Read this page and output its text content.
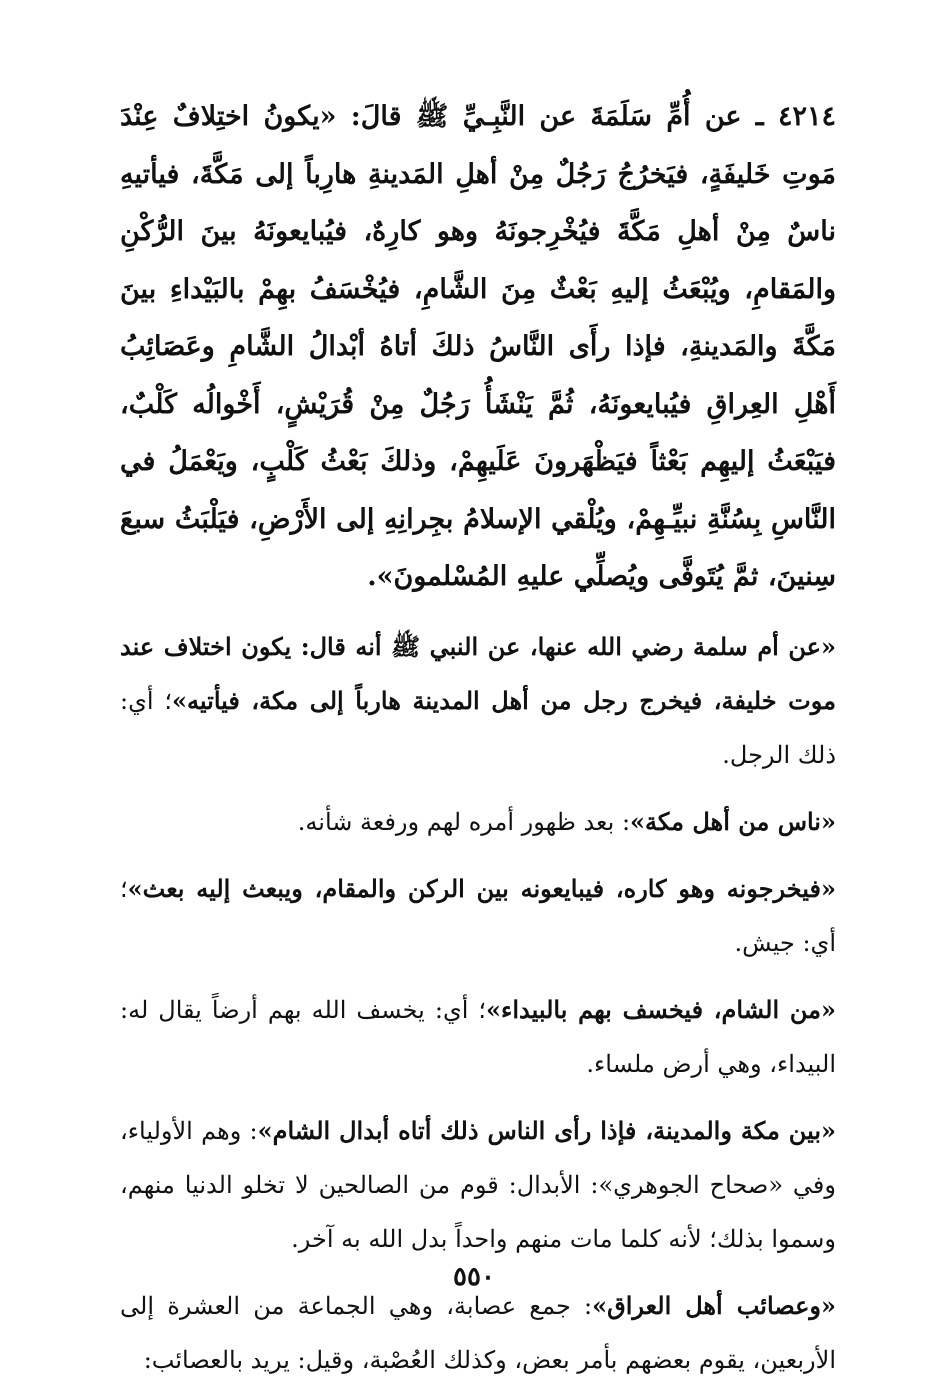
٤٢١٤ ـ عن أُمِّ سَلَمَةَ عن النَّبِـيِّ ﷺ قالَ: «يكونُ اختِلافٌ عِنْدَ مَوتِ خَليفَةٍ، فيَخرُجُ رَجُلٌ مِنْ أهلِ المَدينةِ هارِباً إلى مَكَّةَ، فيأتيهِ ناسٌ مِنْ أهلِ مَكَّةَ فيُخْرِجونَهُ وهو كارِهٌ، فيُبايعونَهُ بينَ الرُّكْنِ والمَقامِ، ويُبْعَثُ إليهِ بَعْثٌ مِنَ الشَّامِ، فيُخْسَفُ بهِمْ بالبَيْداءِ بينَ مَكَّةَ والمَدينةِ، فإذا رأَى النَّاسُ ذلكَ أتاهُ أبْدالُ الشَّامِ وعَصَائِبُ أَهْلِ العِراقِ فيُبايعونَهُ، ثُمَّ يَنْشَأُ رَجُلٌ مِنْ قُرَيْشٍ، أَخْوالُه كَلْبٌ، فيَبْعَثُ إليهِم بَعْثاً فيَظْهَرونَ عَلَيهِمْ، وذلكَ بَعْثُ كَلْبٍ، ويَعْمَلُ في النَّاسِ بِسُنَّةِ نبيِّـهِمْ، ويُلْقي الإسلامُ بجِرانِهِ إلى الأَرْضِ، فيَلْبَثُ سبعَ سِنينَ، ثمَّ يُتَوفَّى ويُصلِّي عليهِ المُسْلمونَ».

«عن أم سلمة رضي الله عنها، عن النبي ﷺ أنه قال: يكون اختلاف عند موت خليفة، فيخرج رجل من أهل المدينة هارباً إلى مكة، فيأتيه»؛ أي: ذلك الرجل.

«ناس من أهل مكة»: بعد ظهور أمره لهم ورفعة شأنه.

«فيخرجونه وهو كاره، فيبايعونه بين الركن والمقام، ويبعث إليه بعث»؛ أي: جيش.

«من الشام، فيخسف بهم بالبيداء»؛ أي: يخسف الله بهم أرضاً يقال له: البيداء، وهي أرض ملساء.

«بين مكة والمدينة، فإذا رأى الناس ذلك أتاه أبدال الشام»: وهم الأولياء، وفي «صحاح الجوهري»: الأبدال: قوم من الصالحين لا تخلو الدنيا منهم، وسموا بذلك؛ لأنه كلما مات منهم واحداً بدل الله به آخر.

«وعصائب أهل العراق»: جمع عصابة، وهي الجماعة من العشرة إلى الأربعين، يقوم بعضهم بأمر بعض، وكذلك العُصْبة، وقيل: يريد بالعصائب:

٥٥٠
